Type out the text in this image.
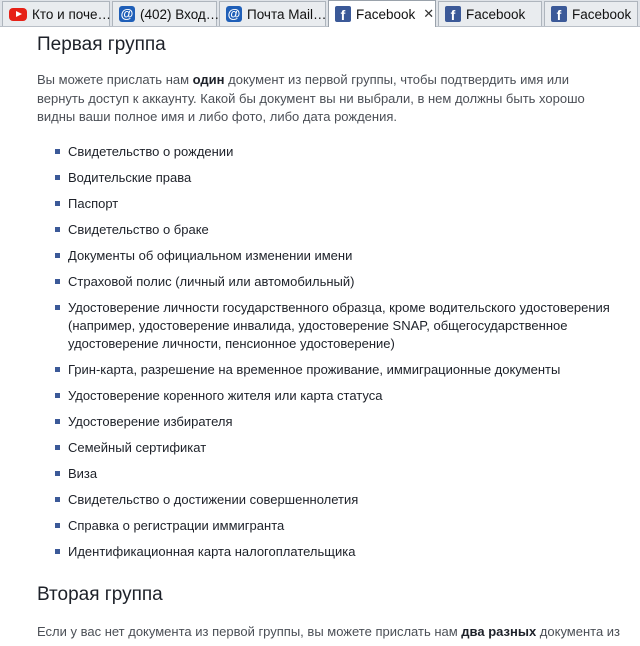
Кто и поче… @ (402) Вход… @ Почта Mail…	f Facebook ✕	f Facebook	f Facebook
Первая группа

Вы можете прислать нам один документ из первой группы, чтобы подтвердить имя или вернуть доступ к аккаунту. Какой бы документ вы ни выбрали, в нем должны быть хорошо видны ваши полное имя и либо фото, либо дата рождения.

Свидетельство о рождении
Водительские права
Паспорт
Свидетельство о браке
Документы об официальном изменении имени
Страховой полис (личный или автомобильный)
Удостоверение личности государственного образца, кроме водительского удостоверения (например, удостоверение инвалида, удостоверение SNAP, общегосударственное удостоверение личности, пенсионное удостоверение)
Грин-карта, разрешение на временное проживание, иммиграционные документы
Удостоверение коренного жителя или карта статуса
Удостоверение избирателя
Семейный сертификат
Виза
Свидетельство о достижении совершеннолетия
Справка о регистрации иммигранта
Идентификационная карта налогоплательщика
Вторая группа

Если у вас нет документа из первой группы, вы можете прислать нам два разных документа из
